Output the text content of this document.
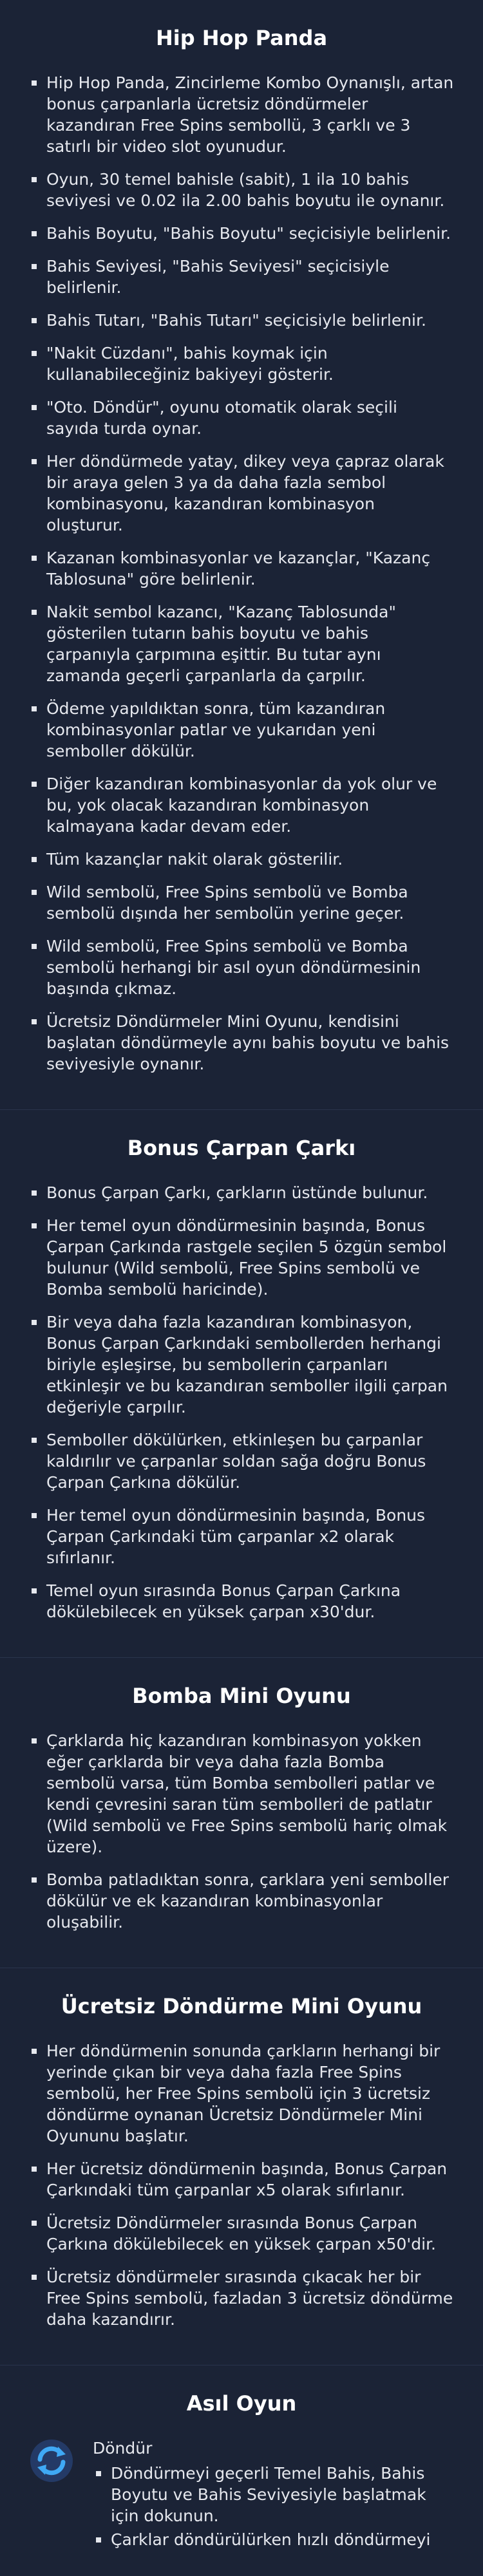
Hip Hop Panda
Hip Hop Panda, Zincirleme Kombo Oynanışlı, artan bonus çarpanlarla ücretsiz döndürmeler kazandıran Free Spins sembollü, 3 çarklı ve 3 satırlı bir video slot oyunudur.
Oyun, 30 temel bahisle (sabit), 1 ila 10 bahis seviyesi ve 0.02 ila 2.00 bahis boyutu ile oynanır.
Bahis Boyutu, "Bahis Boyutu" seçicisiyle belirlenir.
Bahis Seviyesi, "Bahis Seviyesi" seçicisiyle belirlenir.
Bahis Tutarı, "Bahis Tutarı" seçicisiyle belirlenir.
"Nakit Cüzdanı", bahis koymak için kullanabileceğiniz bakiyeyi gösterir.
"Oto. Döndür", oyunu otomatik olarak seçili sayıda turda oynar.
Her döndürmede yatay, dikey veya çapraz olarak bir araya gelen 3 ya da daha fazla sembol kombinasyonu, kazandıran kombinasyon oluşturur.
Kazanan kombinasyonlar ve kazançlar, "Kazanç Tablosuna" göre belirlenir.
Nakit sembol kazancı, "Kazanç Tablosunda" gösterilen tutarın bahis boyutu ve bahis çarpanıyla çarpımına eşittir. Bu tutar aynı zamanda geçerli çarpanlarla da çarpılır.
Ödeme yapıldıktan sonra, tüm kazandıran kombinasyonlar patlar ve yukarıdan yeni semboller dökülür.
Diğer kazandıran kombinasyonlar da yok olur ve bu, yok olacak kazandıran kombinasyon kalmayana kadar devam eder.
Tüm kazançlar nakit olarak gösterilir.
Wild sembolü, Free Spins sembolü ve Bomba sembolü dışında her sembolün yerine geçer.
Wild sembolü, Free Spins sembolü ve Bomba sembolü herhangi bir asıl oyun döndürmesinin başında çıkmaz.
Ücretsiz Döndürmeler Mini Oyunu, kendisini başlatan döndürmeyle aynı bahis boyutu ve bahis seviyesiyle oynanır.
Bonus Çarpan Çarkı
Bonus Çarpan Çarkı, çarkların üstünde bulunur.
Her temel oyun döndürmesinin başında, Bonus Çarpan Çarkında rastgele seçilen 5 özgün sembol bulunur (Wild sembolü, Free Spins sembolü ve Bomba sembolü haricinde).
Bir veya daha fazla kazandıran kombinasyon, Bonus Çarpan Çarkındaki sembollerden herhangi biriyle eşleşirse, bu sembollerin çarpanları etkinleşir ve bu kazandıran semboller ilgili çarpan değeriyle çarpılır.
Semboller dökülürken, etkinleşen bu çarpanlar kaldırılır ve çarpanlar soldan sağa doğru Bonus Çarpan Çarkına dökülür.
Her temel oyun döndürmesinin başında, Bonus Çarpan Çarkındaki tüm çarpanlar x2 olarak sıfırlanır.
Temel oyun sırasında Bonus Çarpan Çarkına dökülebilecek en yüksek çarpan x30'dur.
Bomba Mini Oyunu
Çarklarda hiç kazandıran kombinasyon yokken eğer çarklarda bir veya daha fazla Bomba sembolü varsa, tüm Bomba sembolleri patlar ve kendi çevresini saran tüm sembolleri de patlatır (Wild sembolü ve Free Spins sembolü hariç olmak üzere).
Bomba patladıktan sonra, çarklara yeni semboller dökülür ve ek kazandıran kombinasyonlar oluşabilir.
Ücretsiz Döndürme Mini Oyunu
Her döndürmenin sonunda çarkların herhangi bir yerinde çıkan bir veya daha fazla Free Spins sembolü, her Free Spins sembolü için 3 ücretsiz döndürme oynanan Ücretsiz Döndürmeler Mini Oyununu başlatır.
Her ücretsiz döndürmenin başında, Bonus Çarpan Çarkındaki tüm çarpanlar x5 olarak sıfırlanır.
Ücretsiz Döndürmeler sırasında Bonus Çarpan Çarkına dökülebilecek en yüksek çarpan x50'dir.
Ücretsiz döndürmeler sırasında çıkacak her bir Free Spins sembolü, fazladan 3 ücretsiz döndürme daha kazandırır.
Asıl Oyun
Döndür
Döndürmeyi geçerli Temel Bahis, Bahis Boyutu ve Bahis Seviyesiyle başlatmak için dokunun.
Çarklar döndürülürken hızlı döndürmeyi
